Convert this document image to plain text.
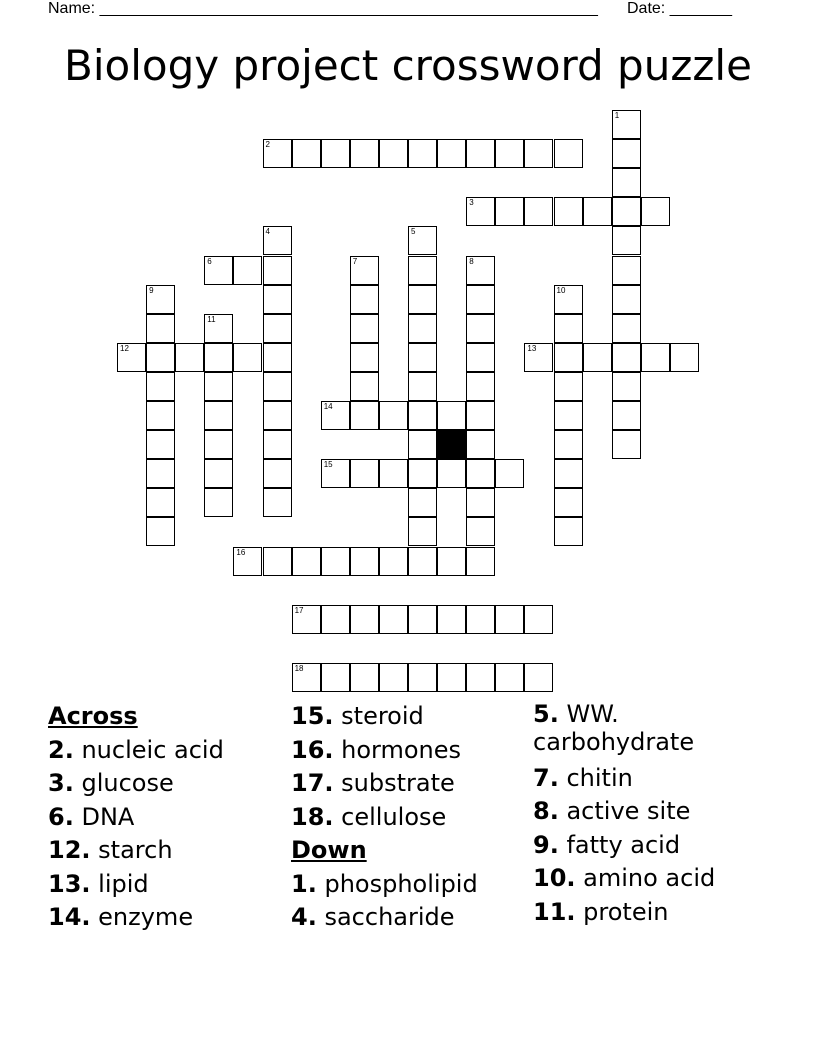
Name: ________________________________________________________ Date: _______
Biology project crossword puzzle
1
2
3
4	5
6	7	8
9	10
11
12	13
14
15
16
17
18
Across
2. nucleic acid
3. glucose
6. DNA
12. starch
13. lipid
14. enzyme
15. steroid
16. hormones
17. substrate
18. cellulose
Down
1. phospholipid
4. saccharide
5. WW. carbohydrate
7. chitin
8. active site
9. fatty acid
10. amino acid
11. protein
